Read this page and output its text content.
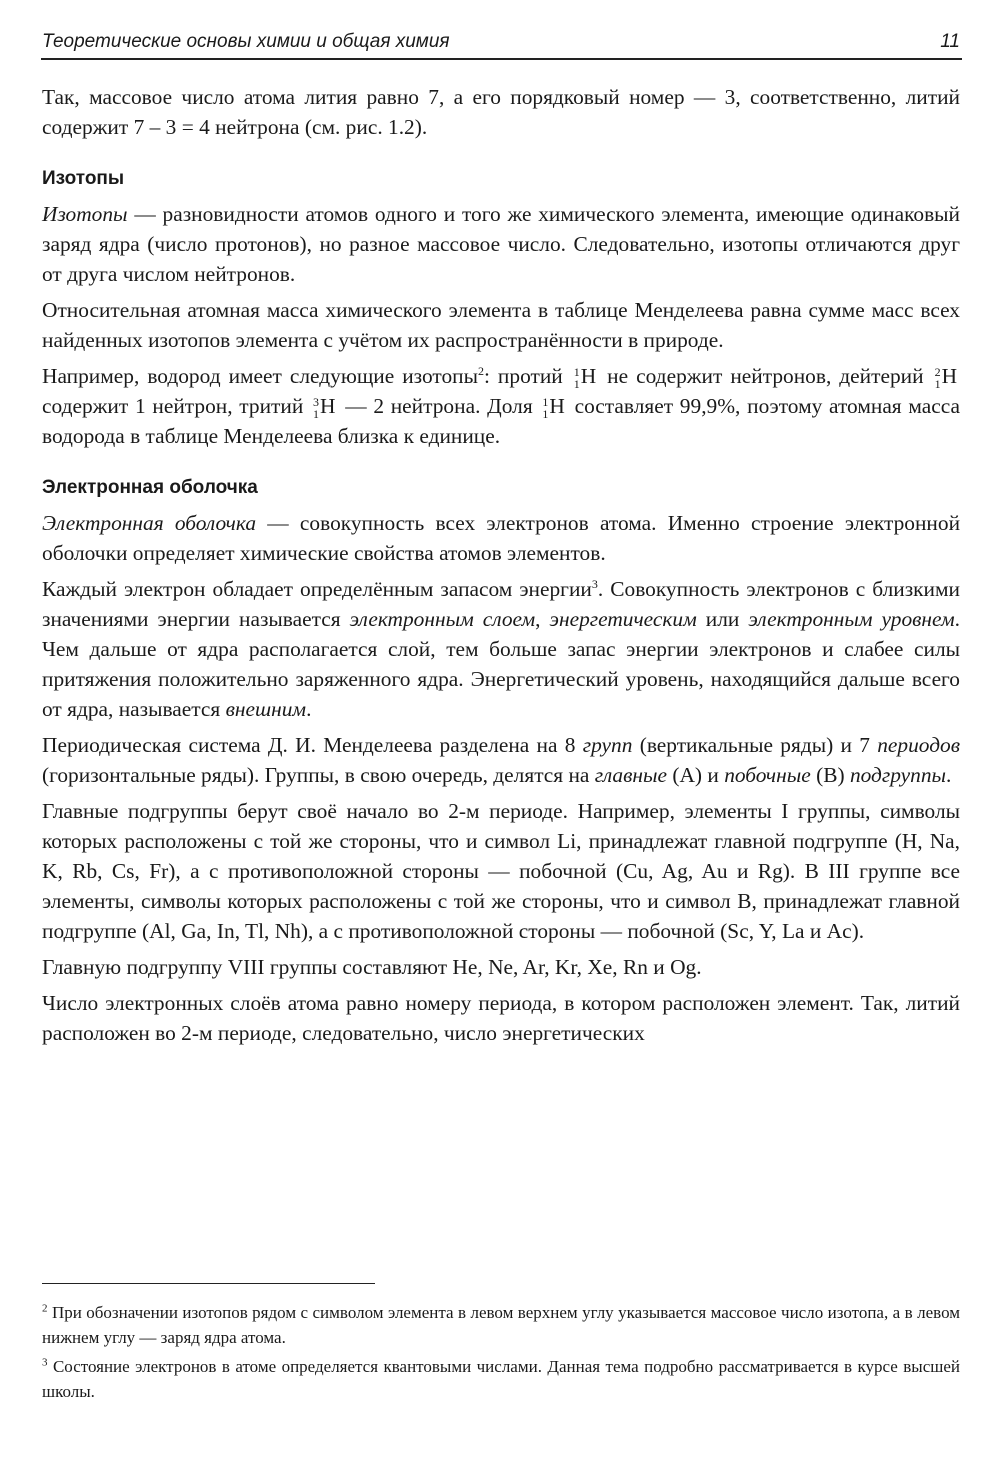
Теоретические основы химии и общая химия	11

Так, массовое число атома лития равно 7, а его порядковый номер — 3, соответственно, литий содержит 7 – 3 = 4 нейтрона (см. рис. 1.2).

Изотопы

Изотопы — разновидности атомов одного и того же химического элемента, имеющие одинаковый заряд ядра (число протонов), но разное массовое число. Следовательно, изотопы отличаются друг от друга числом нейтронов.

Относительная атомная масса химического элемента в таблице Менделеева равна сумме масс всех найденных изотопов элемента с учётом их распространённости в природе.

Например, водород имеет следующие изотопы$^2$: протий 1
1 H не содержит нейтронов, дейтерий 2
1 H содержит 1 нейтрон, тритий 3
1 H — 2 нейтрона. Доля 1
1 H составляет 99,9%, поэтому атомная масса водорода в таблице Менделеева близка к единице.

Электронная оболочка

Электронная оболочка — совокупность всех электронов атома. Именно строение электронной оболочки определяет химические свойства атомов элементов.

Каждый электрон обладает определённым запасом энергии$^3$. Совокупность электронов с близкими значениями энергии называется электронным слоем, энергетическим или электронным уровнем. Чем дальше от ядра располагается слой, тем больше запас энергии электронов и слабее силы притяжения положительно заряженного ядра. Энергетический уровень, находящийся дальше всего от ядра, называется внешним.

Периодическая система Д. И. Менделеева разделена на 8 групп (вертикальные ряды) и 7 периодов (горизонтальные ряды). Группы, в свою очередь, делятся на главные (А) и побочные (В) подгруппы.

Главные подгруппы берут своё начало во 2-м периоде. Например, элементы I группы, символы которых расположены с той же стороны, что и символ Li, принадлежат главной подгруппе (H, Na, K, Rb, Cs, Fr), а с противоположной стороны — побочной (Cu, Ag, Au и Rg). В III группе все элементы, символы которых расположены с той же стороны, что и символ B, принадлежат главной подгруппе (Al, Ga, In, Tl, Nh), а с противоположной стороны — побочной (Sc, Y, La и Ac).

Главную подгруппу VIII группы составляют He, Ne, Ar, Kr, Xe, Rn и Og.

Число электронных слоёв атома равно номеру периода, в котором расположен элемент. Так, литий расположен во 2-м периоде, следовательно, число энергетических

$^2$ При обозначении изотопов рядом с символом элемента в левом верхнем углу указывается массовое число изотопа, а в левом нижнем углу — заряд ядра атома.

$^3$ Состояние электронов в атоме определяется квантовыми числами. Данная тема подробно рассматривается в курсе высшей школы.
